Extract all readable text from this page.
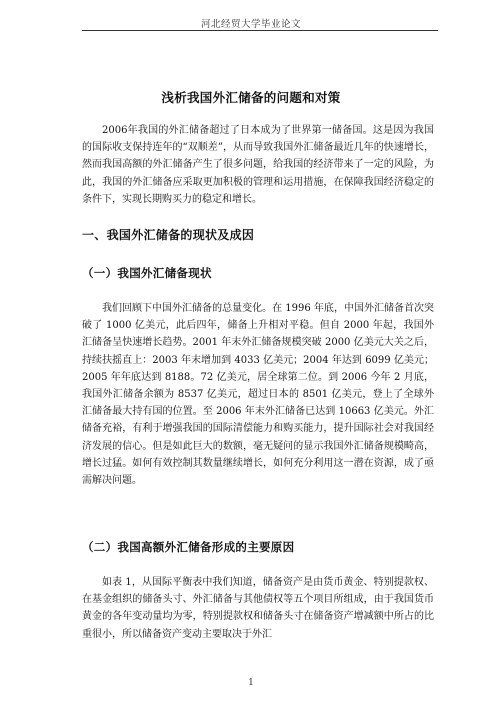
河北经贸大学毕业论文
浅析我国外汇储备的问题和对策

2006年我国的外汇储备超过了日本成为了世界第一储备国。这是因为我国的国际收支保持连年的“双顺差”，从而导致我国外汇储备最近几年的快速增长，然而我国高额的外汇储备产生了很多问题，给我国的经济带来了一定的风险，为此，我国的外汇储备应采取更加积极的管理和运用措施，在保障我国经济稳定的条件下，实现长期购买力的稳定和增长。

一、我国外汇储备的现状及成因
（一）我国外汇储备现状

我们回顾下中国外汇储备的总量变化。在 1996 年底，中国外汇储备首次突破了 1000 亿美元，此后四年，储备上升相对平稳。但自 2000 年起，我国外汇储备呈快速增长趋势。2001 年末外汇储备规模突破 2000 亿美元大关之后，持续扶摇直上：2003 年末增加到 4033 亿美元；2004 年达到 6099 亿美元；2005 年年底达到 8188。72 亿美元，居全球第二位。到 2006 今年 2 月底，我国外汇储备余额为 8537 亿美元，超过日本的 8501 亿美元，登上了全球外汇储备最大持有国的位置。至 2006 年末外汇储备已达到 10663 亿美元。外汇储备充裕，有利于增强我国的国际清偿能力和购买能力，提升国际社会对我国经济发展的信心。但是如此巨大的数额，毫无疑问的显示我国外汇储备规模畸高，增长过猛。如何有效控制其数量继续增长，如何充分利用这一潜在资源，成了亟需解决问题。

（二）我国高额外汇储备形成的主要原因

如表 1，从国际平衡表中我们知道，储备资产是由货币黄金、特别提款权、在基金组织的储备头寸、外汇储备与其他债权等五个项目所组成，由于我国货币黄金的各年变动量均为零，特别提款权和储备头寸在储备资产增减额中所占的比重很小，所以储备资产变动主要取决于外汇

1
